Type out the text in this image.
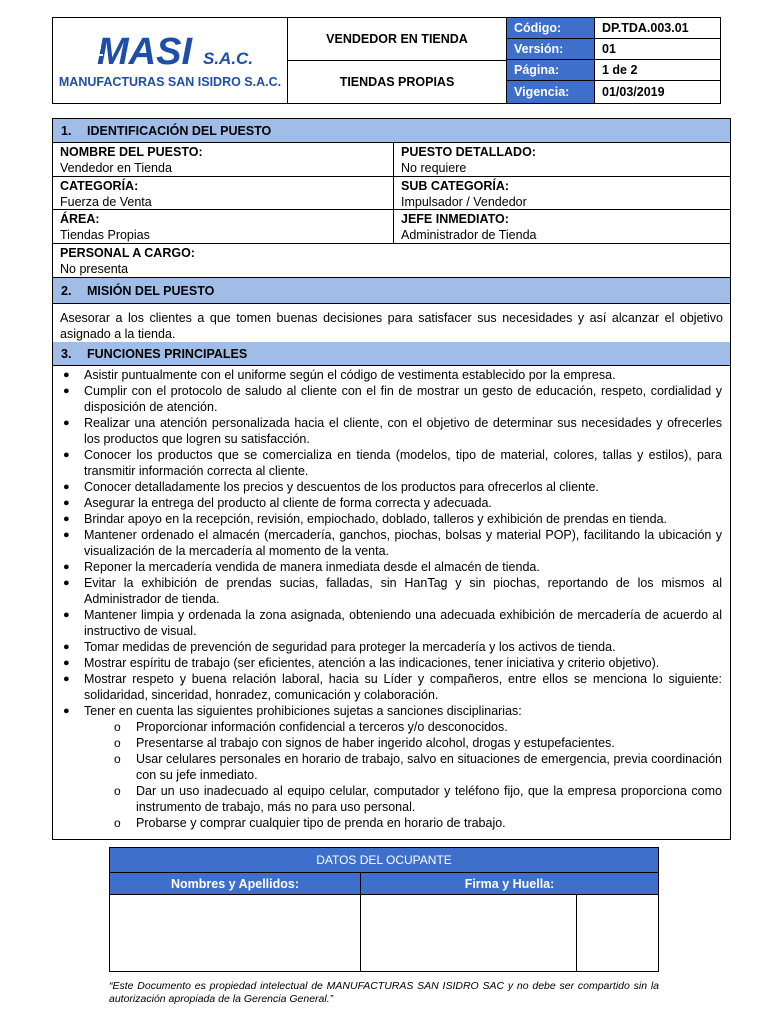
MASI S.A.C.
MANUFACTURAS SAN ISIDRO S.A.C.
VENDEDOR EN TIENDA
TIENDAS PROPIAS
Código:	DP.TDA.003.01
Versión:	01
Página:	1 de 2
Vigencia:	01/03/2019
1.	IDENTIFICACIÓN DEL PUESTO
NOMBRE DEL PUESTO:
Vendedor en Tienda
PUESTO DETALLADO:
No requiere
CATEGORÍA:
Fuerza de Venta
SUB CATEGORÍA:
Impulsador / Vendedor
ÁREA:
Tiendas Propias
JEFE INMEDIATO:
Administrador de Tienda
PERSONAL A CARGO:
No presenta
2.	MISIÓN DEL PUESTO
Asesorar a los clientes a que tomen buenas decisiones para satisfacer sus necesidades y así alcanzar el objetivo asignado a la tienda.
3.	FUNCIONES PRINCIPALES
● Asistir puntualmente con el uniforme según el código de vestimenta establecido por la empresa.
● Cumplir con el protocolo de saludo al cliente con el fin de mostrar un gesto de educación, respeto, cordialidad y disposición de atención.
● Realizar una atención personalizada hacia el cliente, con el objetivo de determinar sus necesidades y ofrecerles los productos que logren su satisfacción.
● Conocer los productos que se comercializa en tienda (modelos, tipo de material, colores, tallas y estilos), para transmitir información correcta al cliente.
● Conocer detalladamente los precios y descuentos de los productos para ofrecerlos al cliente.
● Asegurar la entrega del producto al cliente de forma correcta y adecuada.
● Brindar apoyo en la recepción, revisión, empiochado, doblado, talleros y exhibición de prendas en tienda.
● Mantener ordenado el almacén (mercadería, ganchos, piochas, bolsas y material POP), facilitando la ubicación y visualización de la mercadería al momento de la venta.
● Reponer la mercadería vendida de manera inmediata desde el almacén de tienda.
● Evitar la exhibición de prendas sucias, falladas, sin HanTag y sin piochas, reportando de los mismos al Administrador de tienda.
● Mantener limpia y ordenada la zona asignada, obteniendo una adecuada exhibición de mercadería de acuerdo al instructivo de visual.
● Tomar medidas de prevención de seguridad para proteger la mercadería y los activos de tienda.
● Mostrar espíritu de trabajo (ser eficientes, atención a las indicaciones, tener iniciativa y criterio objetivo).
● Mostrar respeto y buena relación laboral, hacia su Líder y compañeros, entre ellos se menciona lo siguiente: solidaridad, sinceridad, honradez, comunicación y colaboración.
● Tener en cuenta las siguientes prohibiciones sujetas a sanciones disciplinarias:
o Proporcionar información confidencial a terceros y/o desconocidos.
o Presentarse al trabajo con signos de haber ingerido alcohol, drogas y estupefacientes.
o Usar celulares personales en horario de trabajo, salvo en situaciones de emergencia, previa coordinación con su jefe inmediato.
o Dar un uso inadecuado al equipo celular, computador y teléfono fijo, que la empresa proporciona como instrumento de trabajo, más no para uso personal.
o Probarse y comprar cualquier tipo de prenda en horario de trabajo.
DATOS DEL OCUPANTE
Nombres y Apellidos:	Firma y Huella:
“Este Documento es propiedad intelectual de MANUFACTURAS SAN ISIDRO SAC y no debe ser compartido sin la autorización apropiada de la Gerencia General.”
